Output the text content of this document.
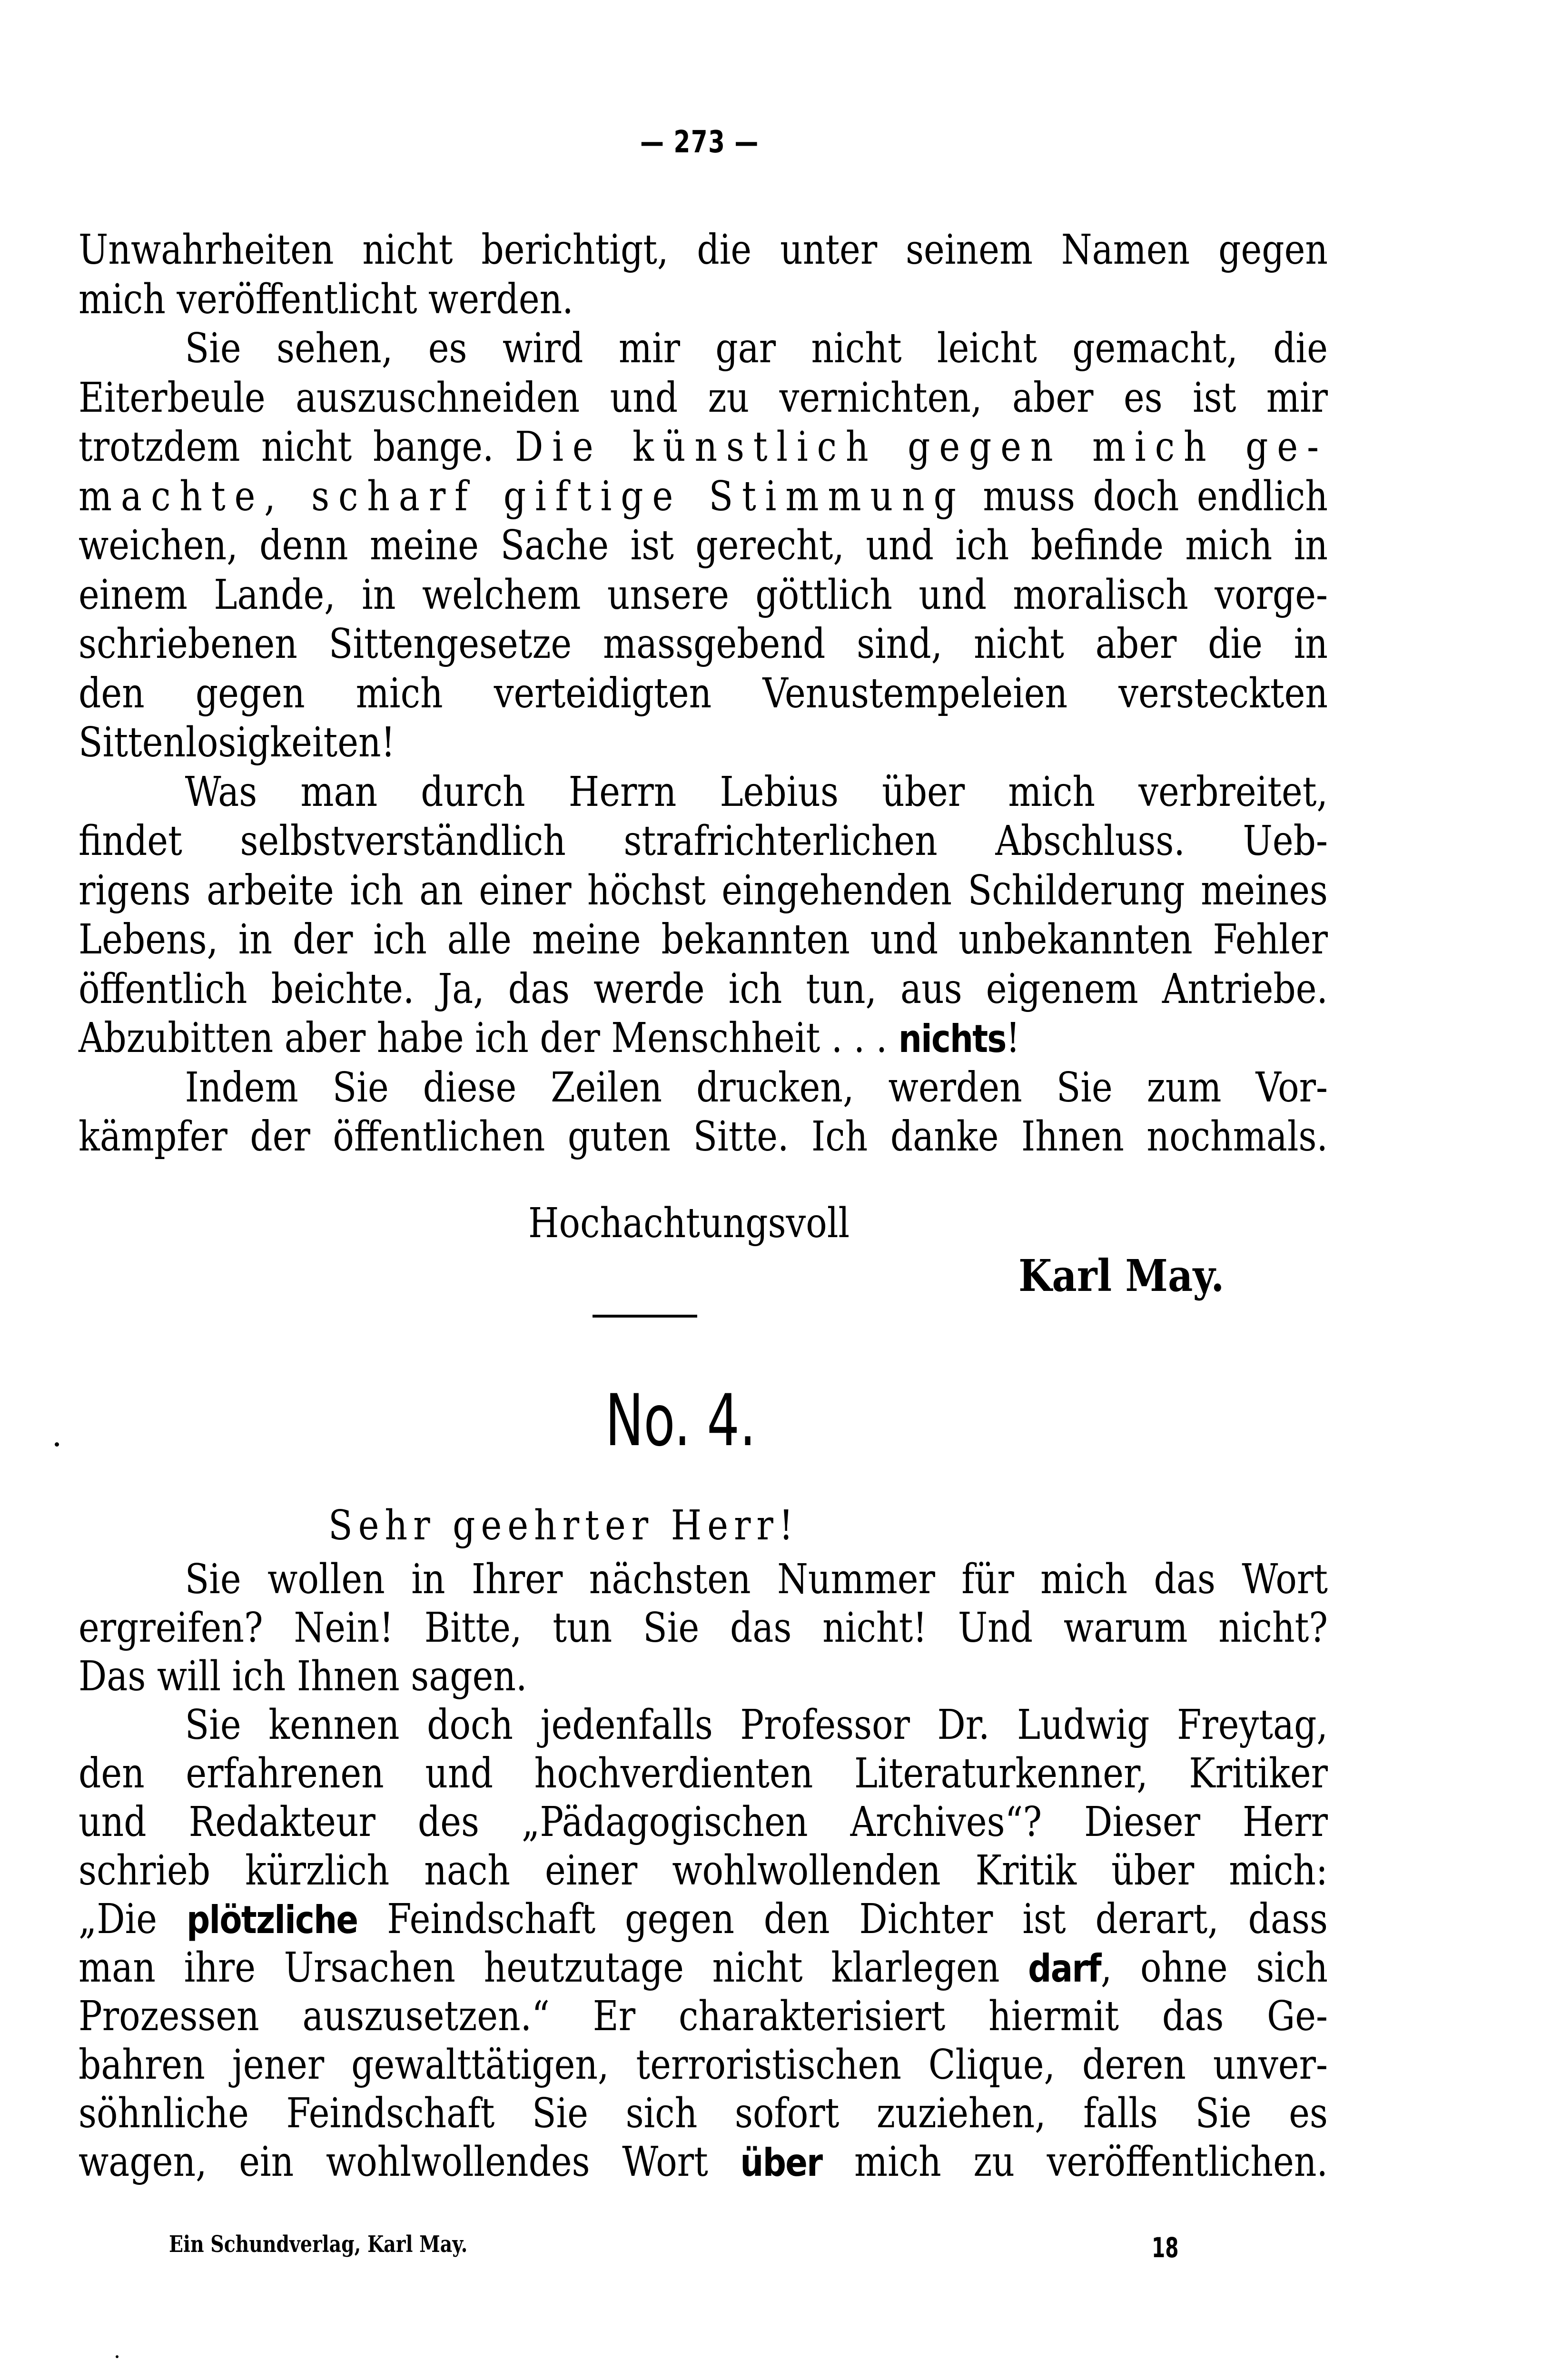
— 273 —
Unwahrheiten nicht berichtigt, die unter seinem Namen gegen
mich veröffentlicht werden.
Sie sehen, es wird mir gar nicht leicht gemacht, die
Eiterbeule auszuschneiden und zu vernichten, aber es ist mir
trotzdem nicht bange. Die künstlich gegen mich ge-
machte, scharf giftige Stimmung muss doch endlich
weichen, denn meine Sache ist gerecht, und ich befinde mich in
einem Lande, in welchem unsere göttlich und moralisch vorge-
schriebenen Sittengesetze massgebend sind, nicht aber die in
den gegen mich verteidigten Venustempeleien versteckten
Sittenlosigkeiten!
Was man durch Herrn Lebius über mich verbreitet,
findet selbstverständlich strafrichterlichen Abschluss. Ueb-
rigens arbeite ich an einer höchst eingehenden Schilderung meines
Lebens, in der ich alle meine bekannten und unbekannten Fehler
öffentlich beichte. Ja, das werde ich tun, aus eigenem Antriebe.
Abzubitten aber habe ich der Menschheit . . . nichts!
Indem Sie diese Zeilen drucken, werden Sie zum Vor-
kämpfer der öffentlichen guten Sitte. Ich danke Ihnen nochmals.
Hochachtungsvoll
Karl May.
No. 4.
Sehr geehrter Herr!
Sie wollen in Ihrer nächsten Nummer für mich das Wort
ergreifen? Nein! Bitte, tun Sie das nicht! Und warum nicht?
Das will ich Ihnen sagen.
Sie kennen doch jedenfalls Professor Dr. Ludwig Freytag,
den erfahrenen und hochverdienten Literaturkenner, Kritiker
und Redakteur des „Pädagogischen Archives“? Dieser Herr
schrieb kürzlich nach einer wohlwollenden Kritik über mich:
„Die plötzliche Feindschaft gegen den Dichter ist derart, dass
man ihre Ursachen heutzutage nicht klarlegen darf, ohne sich
Prozessen auszusetzen.“ Er charakterisiert hiermit das Ge-
bahren jener gewalttätigen, terroristischen Clique, deren unver-
söhnliche Feindschaft Sie sich sofort zuziehen, falls Sie es
wagen, ein wohlwollendes Wort über mich zu veröffentlichen.
Ein Schundverlag, Karl May.	18
